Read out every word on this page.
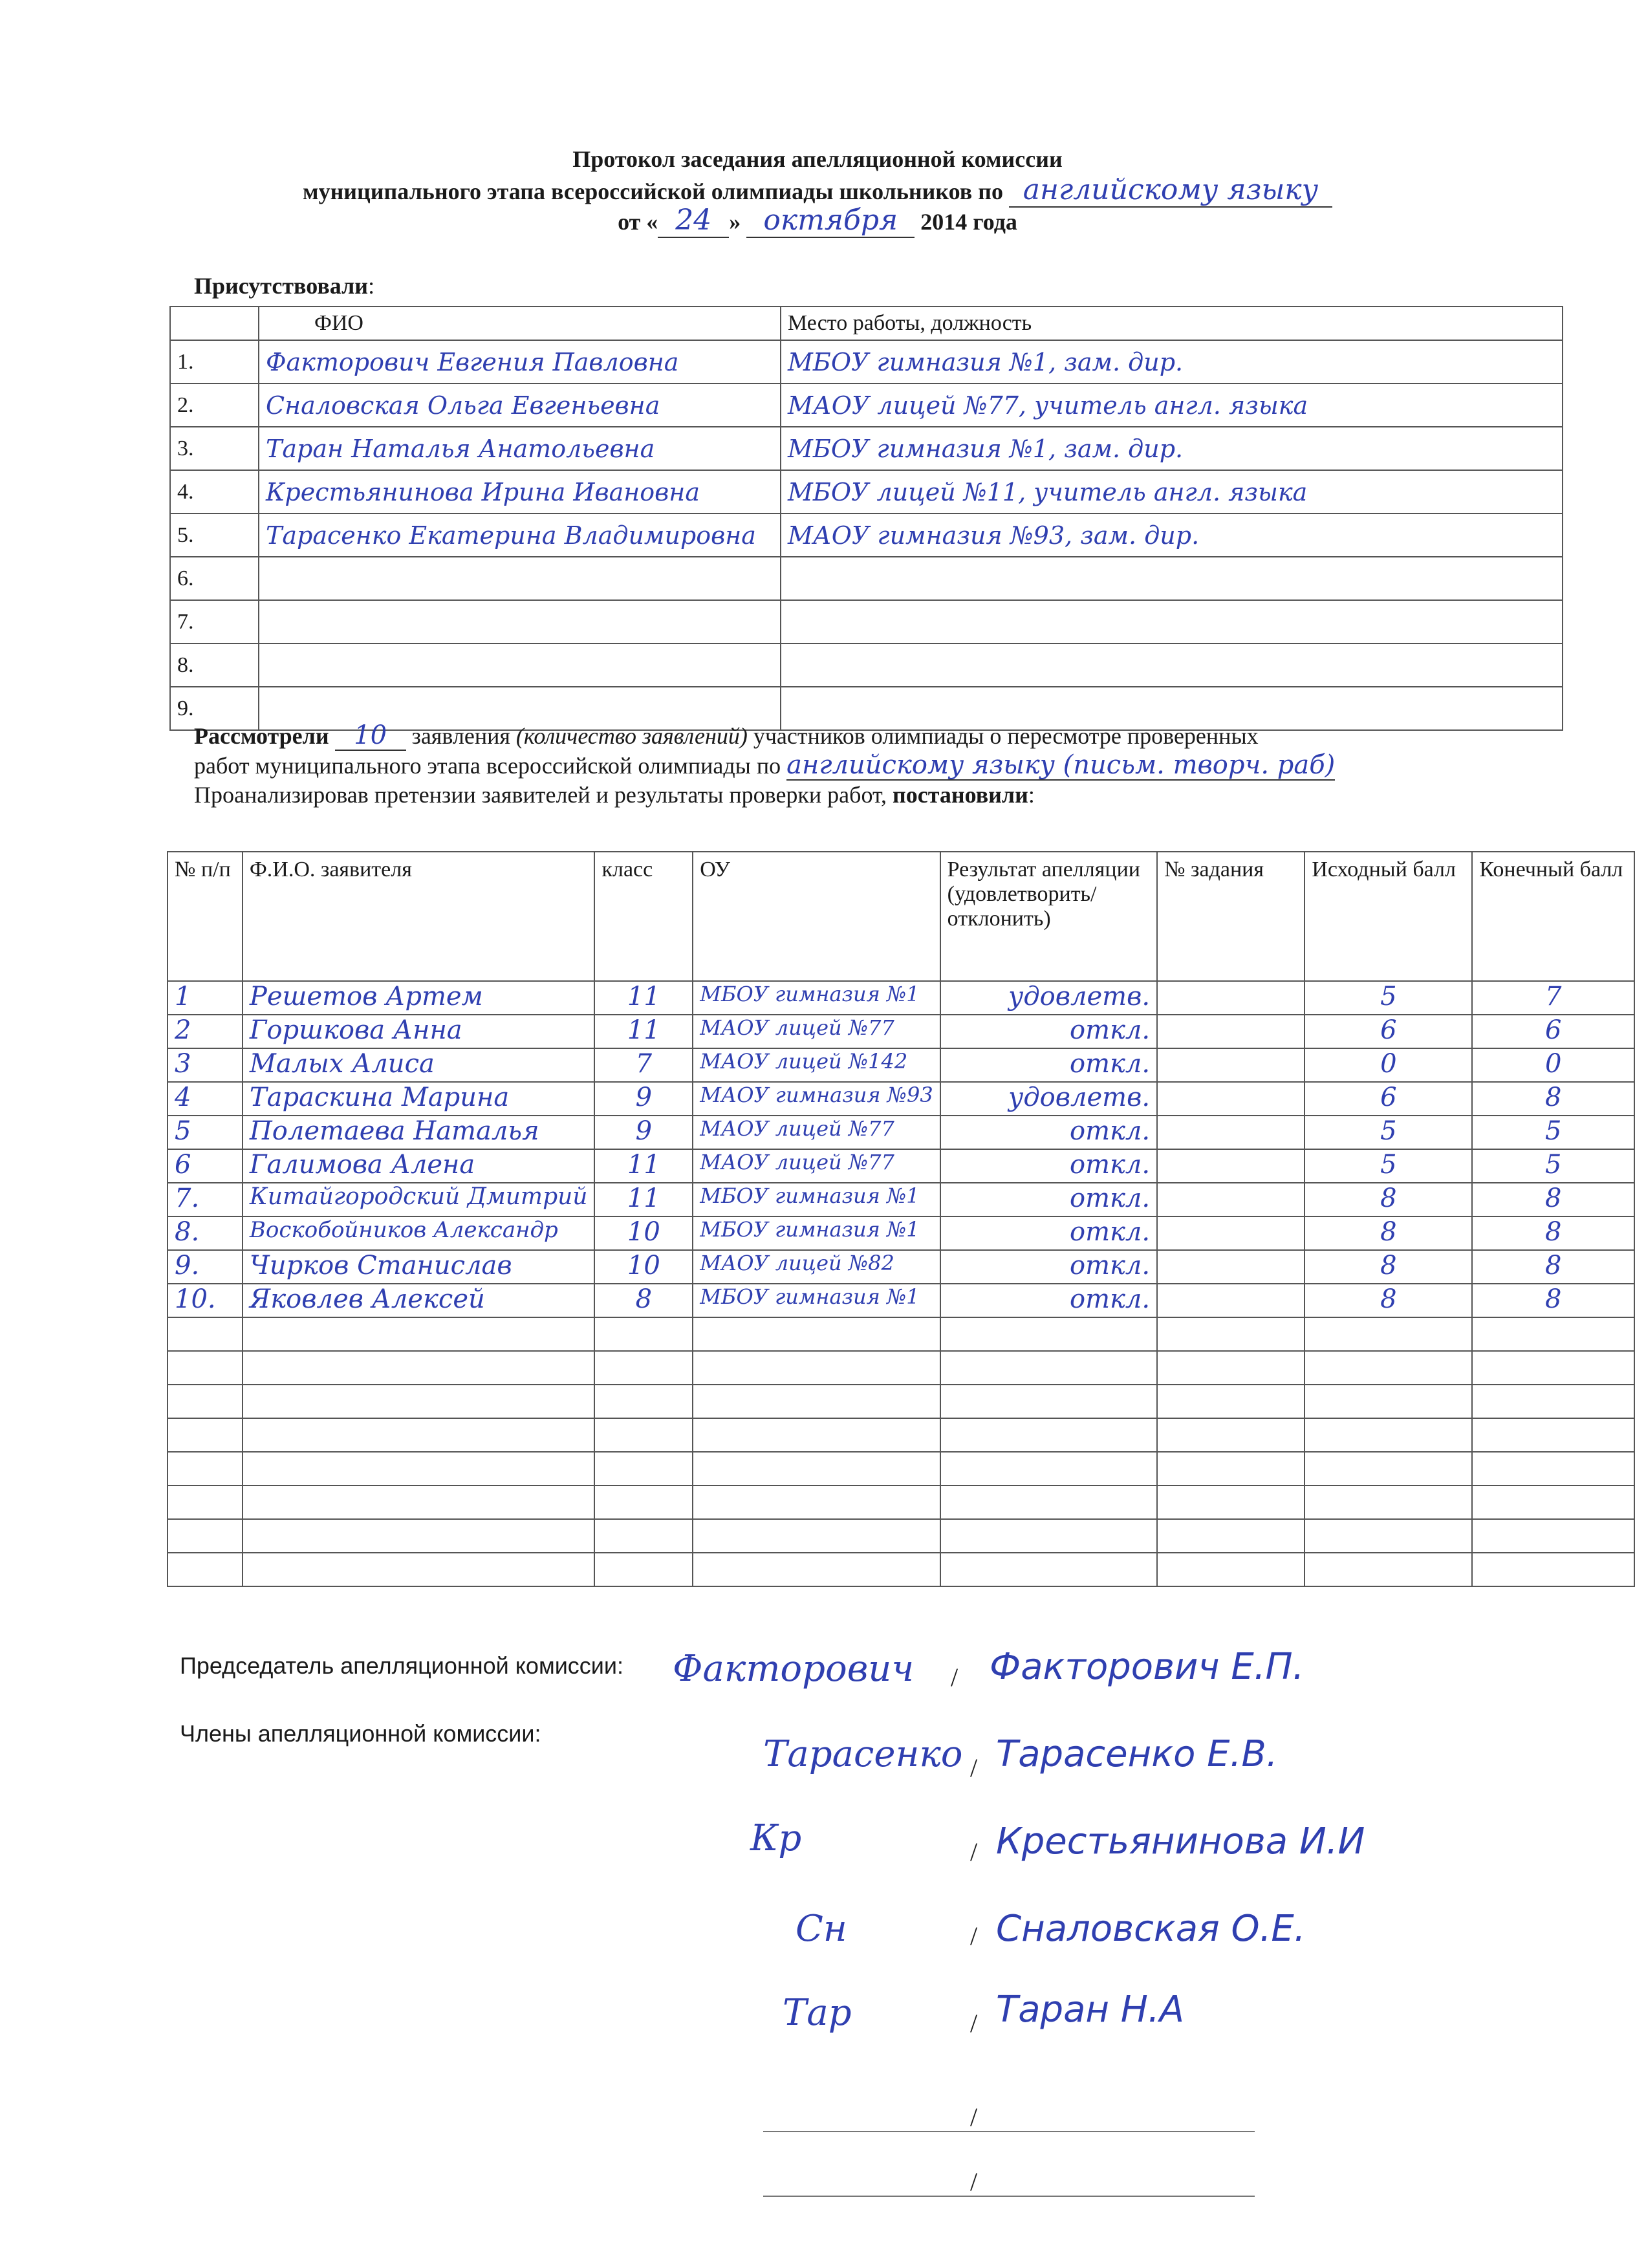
Протокол заседания апелляционной комиссии
муниципального этапа всероссийской олимпиады школьников по английскому языку
от « 24 » октября 2014 года
Присутствовали:
	ФИО	Место работы, должность
1.	Факторович Евгения Павловна	МБОУ гимназия №1, зам. дир.
2.	Сналовская Ольга Евгеньевна	МАОУ лицей №77, учитель англ. языка
3.	Таран Наталья Анатольевна	МБОУ гимназия №1, зам. дир.
4.	Крестьянинова Ирина Ивановна	МБОУ лицей №11, учитель англ. языка
5.	Тарасенко Екатерина Владимировна	МАОУ гимназия №93, зам. дир.
6.		
7.		
8.		
9.		
Рассмотрели 10 заявления (количество заявлений) участников олимпиады о пересмотре проверенных
работ муниципального этапа всероссийской олимпиады по английскому языку (письм. творч. раб)
Проанализировав претензии заявителей и результаты проверки работ, постановили:
№ п/п	Ф.И.О. заявителя	класс	ОУ	Результат апелляции (удовлетворить/ отклонить)	№ задания	Исходный балл	Конечный балл
1	Решетов Артем	11	МБОУ гимназия №1	удовлетв.		5	7
2	Горшкова Анна	11	МАОУ лицей №77	откл.		6	6
3	Малых Алиса	7	МАОУ лицей №142	откл.		0	0
4	Тараскина Марина	9	МАОУ гимназия №93	удовлетв.		6	8
5	Полетаева Наталья	9	МАОУ лицей №77	откл.		5	5
6	Галимова Алена	11	МАОУ лицей №77	откл.		5	5
7.	Китайгородский Дмитрий	11	МБОУ гимназия №1	откл.		8	8
8.	Воскобойников Александр	10	МБОУ гимназия №1	откл.		8	8
9.	Чирков Станислав	10	МАОУ лицей №82	откл.		8	8
10.	Яковлев Алексей	8	МБОУ гимназия №1	откл.		8	8

Председатель апелляционной комиссии:
Члены апелляционной комиссии:
Факторович / Факторович Е.П.
Тарасенко / Тарасенко Е.В.
Кр	/ Крестьянинова И.И
Сн	/ Сналовская О.Е.
Тар	/ Таран Н.А
/
/
